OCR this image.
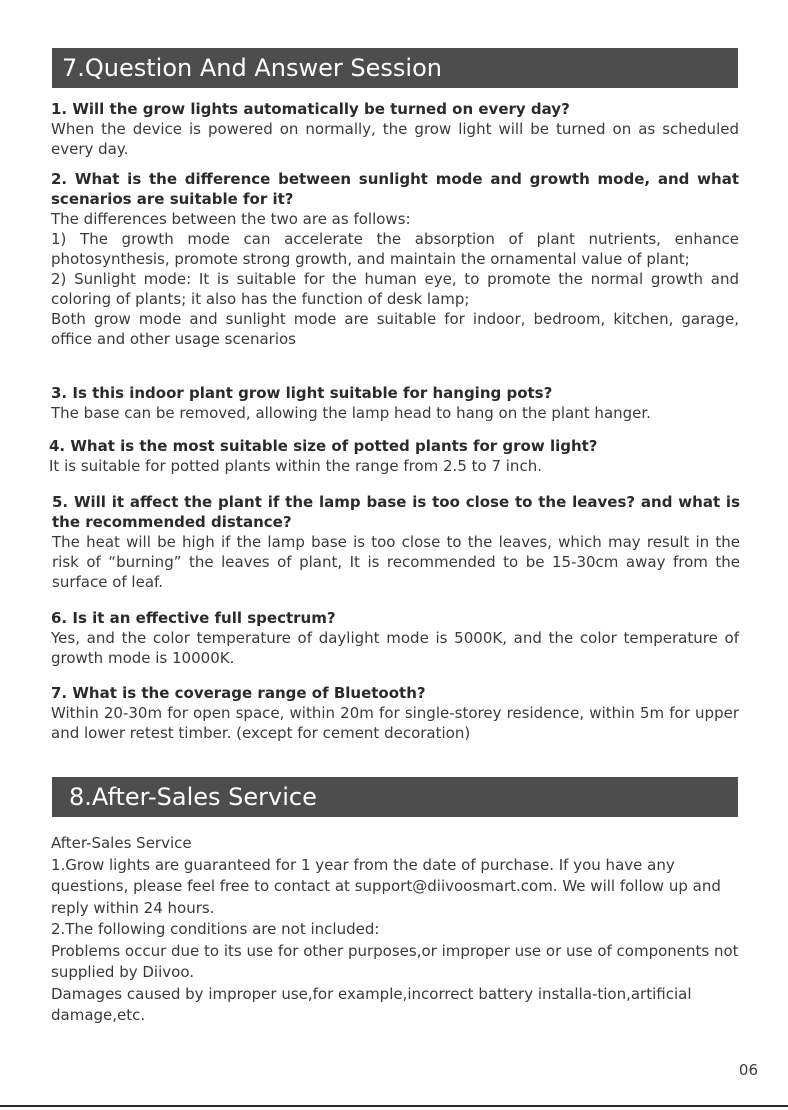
7.Question And Answer Session

1. Will the grow lights automatically be turned on every day?

When the device is powered on normally, the grow light will be turned on as scheduled every day.

2. What is the difference between sunlight mode and growth mode, and what scenarios are suitable for it?

The differences between the two are as follows:

1) The growth mode can accelerate the absorption of plant nutrients, enhance photosynthesis, promote strong growth, and maintain the ornamental value of plant;

2) Sunlight mode: It is suitable for the human eye, to promote the normal growth and coloring of plants; it also has the function of desk lamp;

Both grow mode and sunlight mode are suitable for indoor, bedroom, kitchen, garage, office and other usage scenarios

3. Is this indoor plant grow light suitable for hanging pots?

The base can be removed, allowing the lamp head to hang on the plant hanger.

4. What is the most suitable size of potted plants for grow light?

It is suitable for potted plants within the range from 2.5 to 7 inch.

5. Will it affect the plant if the lamp base is too close to the leaves? and what is the recommended distance?

The heat will be high if the lamp base is too close to the leaves, which may result in the risk of “burning” the leaves of plant, It is recommended to be 15-30cm away from the surface of leaf.

6. Is it an effective full spectrum?

Yes, and the color temperature of daylight mode is 5000K, and the color temperature of growth mode is 10000K.

7. What is the coverage range of Bluetooth?

Within 20-30m for open space, within 20m for single-storey residence, within 5m for upper and lower retest timber. (except for cement decoration)

8.After-Sales Service

After-Sales Service

1.Grow lights are guaranteed for 1 year from the date of purchase. If you have any questions, please feel free to contact at support@diivoosmart.com. We will follow up and reply within 24 hours.

2.The following conditions are not included:

Problems occur due to its use for other purposes,or improper use or use of components not supplied by Diivoo.

Damages caused by improper use,for example,incorrect battery installa-tion,artificial damage,etc.

06
